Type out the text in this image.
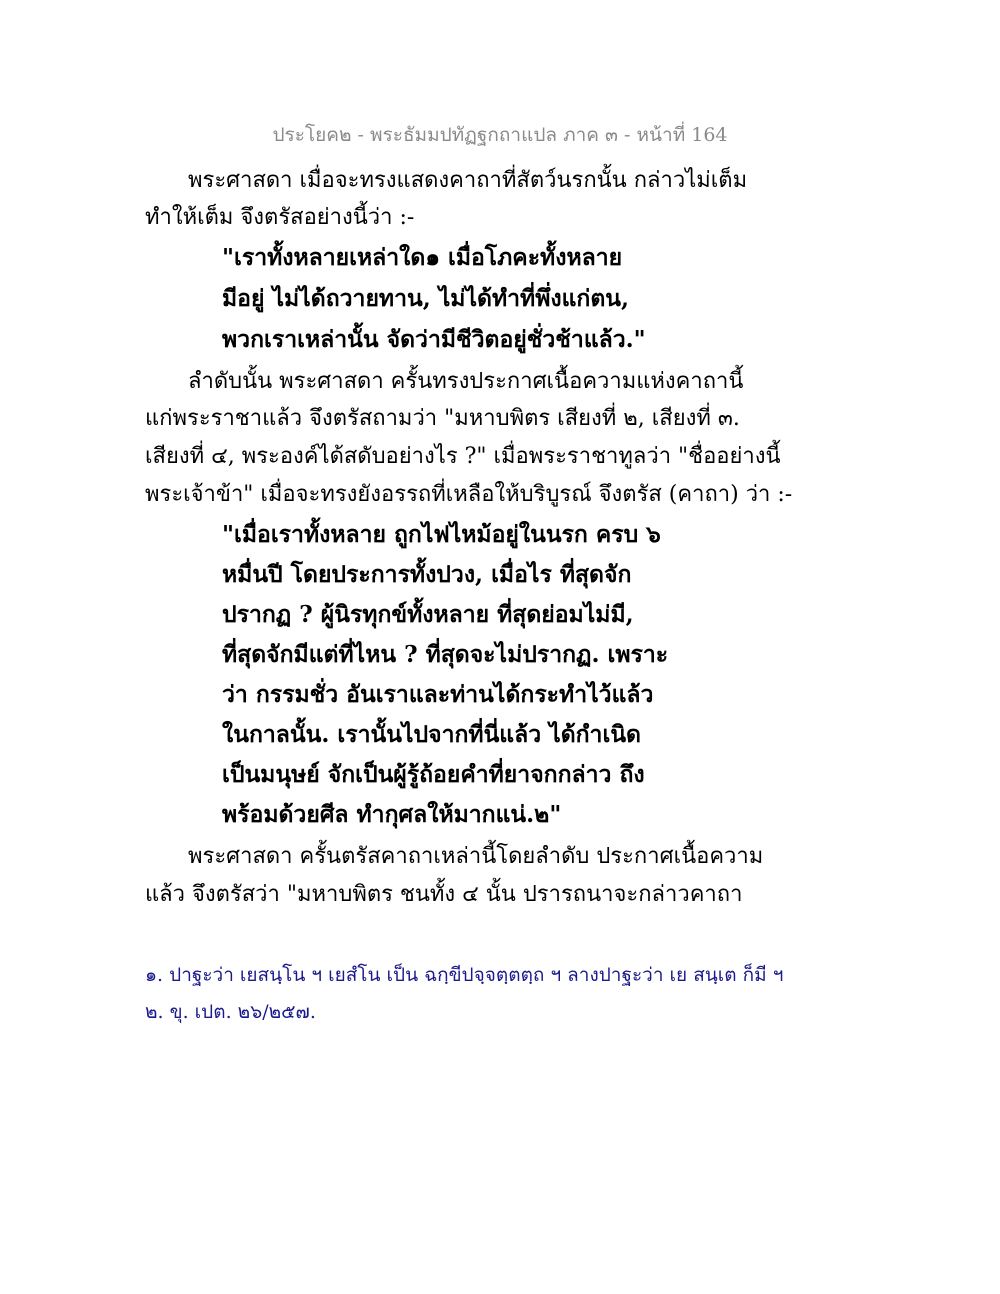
ประโยค๒ - พระธัมมปทัฏฐกถาแปล ภาค ๓ - หน้าที่ 164
พระศาสดา เมื่อจะทรงแสดงคาถาที่สัตว์นรกนั้น กล่าวไม่เต็ม
ทำให้เต็ม จึงตรัสอย่างนี้ว่า :-
"เราทั้งหลายเหล่าใด๑ เมื่อโภคะทั้งหลาย
มีอยู่ ไม่ได้ถวายทาน, ไม่ได้ทำที่พึ่งแก่ตน,
พวกเราเหล่านั้น จัดว่ามีชีวิตอยู่ชั่วช้าแล้ว."
ลำดับนั้น พระศาสดา ครั้นทรงประกาศเนื้อความแห่งคาถานี้
แก่พระราชาแล้ว จึงตรัสถามว่า "มหาบพิตร เสียงที่ ๒, เสียงที่ ๓.
เสียงที่ ๔, พระองค์ได้สดับอย่างไร ?" เมื่อพระราชาทูลว่า "ชื่ออย่างนี้
พระเจ้าข้า" เมื่อจะทรงยังอรรถที่เหลือให้บริบูรณ์ จึงตรัส (คาถา) ว่า :-
"เมื่อเราทั้งหลาย ถูกไฟไหม้อยู่ในนรก ครบ ๖
หมื่นปี โดยประการทั้งปวง, เมื่อไร ที่สุดจัก
ปรากฏ ? ผู้นิรทุกข์ทั้งหลาย ที่สุดย่อมไม่มี,
ที่สุดจักมีแต่ที่ไหน ? ที่สุดจะไม่ปรากฏ. เพราะ
ว่า กรรมชั่ว อันเราและท่านได้กระทำไว้แล้ว
ในกาลนั้น. เรานั้นไปจากที่นี่แล้ว ได้กำเนิด
เป็นมนุษย์ จักเป็นผู้รู้ถ้อยคำที่ยาจกกล่าว ถึง
พร้อมด้วยศีล ทำกุศลให้มากแน่.๒"
พระศาสดา ครั้นตรัสคาถาเหล่านี้โดยลำดับ ประกาศเนื้อความ
แล้ว จึงตรัสว่า "มหาบพิตร ชนทั้ง ๔ นั้น ปรารถนาจะกล่าวคาถา
๑. ปาฐะว่า เยสนฺโน ฯ เยสํโน เป็น ฉกฺขีปจฺจตฺตตฺถ ฯ ลางปาฐะว่า เย สนฺเต ก็มี ฯ
๒. ขุ. เปต. ๒๖/๒๕๗.
